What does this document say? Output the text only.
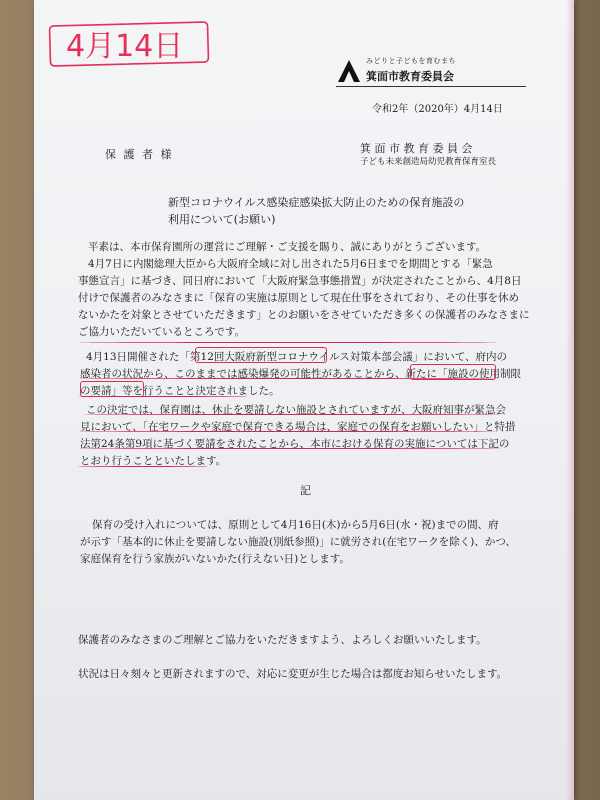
4月14日	みどりと子どもを育むまち
箕面市教育委員会
令和2年（2020年）4月14日
保 護 者 様	箕 面 市 教 育 委 員 会
子ども未来創造局幼児教育保育室長
新型コロナウイルス感染症感染拡大防止のための保育施設の
利用について(お願い)
平素は、本市保育園所の運営にご理解・ご支援を賜り、誠にありがとうございます。
4月7日に内閣総理大臣から大阪府全域に対し出された5月6日までを期間とする「緊急
事態宣言」に基づき、同日府において「大阪府緊急事態措置」が決定されたことから、4月8日
付けで保護者のみなさまに「保育の実施は原則として現在仕事をされており、その仕事を休め
ないかたを対象とさせていただきます」とのお願いをさせていただき多くの保護者のみなさまに
ご協力いただいているところです。
4月13日開催された「第12回大阪府新型コロナウイルス対策本部会議」において、府内の
感染者の状況から、このままでは感染爆発の可能性があることから、新たに「施設の使用制限
の要請」等を行うことと決定されました。
この決定では、保育園は、休止を要請しない施設とされていますが、大阪府知事が緊急会
見において、「在宅ワークや家庭で保育できる場合は、家庭での保育をお願いしたい」と特措
法第24条第9項に基づく要請をされたことから、本市における保育の実施については下記の
とおり行うことといたします。
記
保育の受け入れについては、原則として4月16日(木)から5月6日(水・祝)までの間、府
が示す「基本的に休止を要請しない施設(別紙参照)」に就労され(在宅ワークを除く)、かつ、
家庭保育を行う家族がいないかた(行えない日)とします。
保護者のみなさまのご理解とご協力をいただきますよう、よろしくお願いいたします。
状況は日々刻々と更新されますので、対応に変更が生じた場合は都度お知らせいたします。
